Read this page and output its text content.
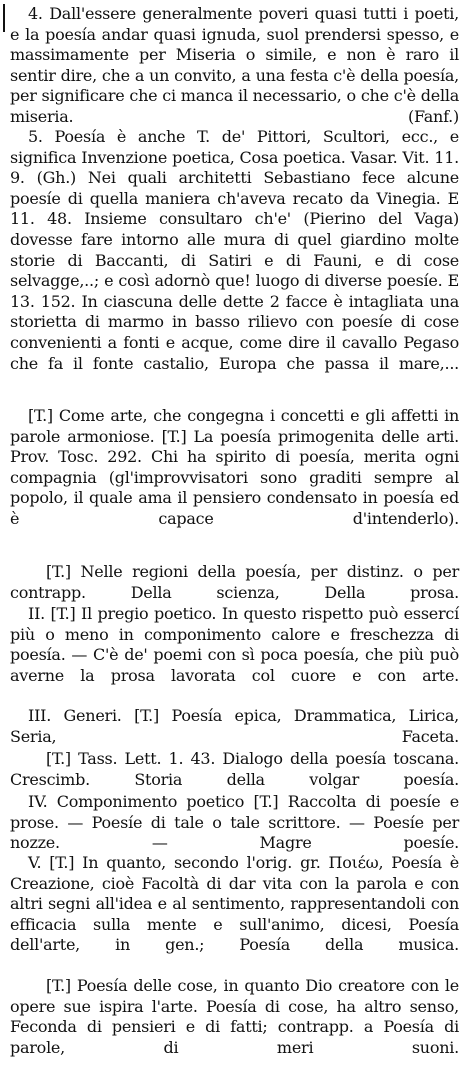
4. Dall'essere generalmente poveri quasi tutti i poeti, e la poesía andar quasi ignuda, suol prendersi spesso, e massimamente per Miseria o simile, e non è raro il sentir dire, che a un convito, a una festa c'è della poesía, per significare che ci manca il necessario, o che c'è della miseria. (Fanf.)

5. Poesía è anche T. de' Pittori, Scultori, ecc., e significa Invenzione poetica, Cosa poetica. Vasar. Vit. 11. 9. (Gh.) Nei quali architetti Sebastiano fece alcune poesíe di quella maniera ch'aveva recato da Vinegia. E 11. 48. Insieme consultaro ch'e' (Pierino del Vaga) dovesse fare intorno alle mura di quel giardino molte storie di Baccanti, di Satiri e di Fauni, e di cose selvagge,..; e così adornò que! luogo di diverse poesíe. E 13. 152. In ciascuna delle dette 2 facce è intagliata una storietta di marmo in basso rilievo con poesíe di cose convenienti a fonti e acque, come dire il cavallo Pegaso che fa il fonte castalio, Europa che passa il mare,...

[T.] Come arte, che congegna i concetti e gli affetti in parole armoniose. [T.] La poesía primogenita delle arti. Prov. Tosc. 292. Chi ha spirito di poesía, merita ogni compagnia (gl'improvvisatori sono graditi sempre al popolo, il quale ama il pensiero condensato in poesía ed è capace d'intenderlo).

[T.] Nelle regioni della poesía, per distinz. o per contrapp. Della scienza, Della prosa.

II. [T.] Il pregio poetico. In questo rispetto può essercí più o meno in componimento calore e freschezza di poesía. — C'è de' poemi con sì poca poesía, che più può averne la prosa lavorata col cuore e con arte.

III. Generi. [T.] Poesía epica, Drammatica, Lirica, Seria, Faceta.

[T.] Tass. Lett. 1. 43. Dialogo della poesía toscana. Crescimb. Storia della volgar poesía.

IV. Componimento poetico [T.] Raccolta di poesíe e prose. — Poesíe di tale o tale scrittore. — Poesíe per nozze. — Magre poesíe.

V. [T.] In quanto, secondo l'orig. gr. Ποιέω, Poesía è Creazione, cioè Facoltà di dar vita con la parola e con altri segni all'idea e al sentimento, rappresentandoli con efficacia sulla mente e sull'animo, dicesi, Poesía dell'arte, in gen.; Poesía della musica.

[T.] Poesía delle cose, in quanto Dio creatore con le opere sue ispira l'arte. Poesía di cose, ha altro senso, Feconda di pensieri e di fatti; contrapp. a Poesía di parole, di meri suoni.
